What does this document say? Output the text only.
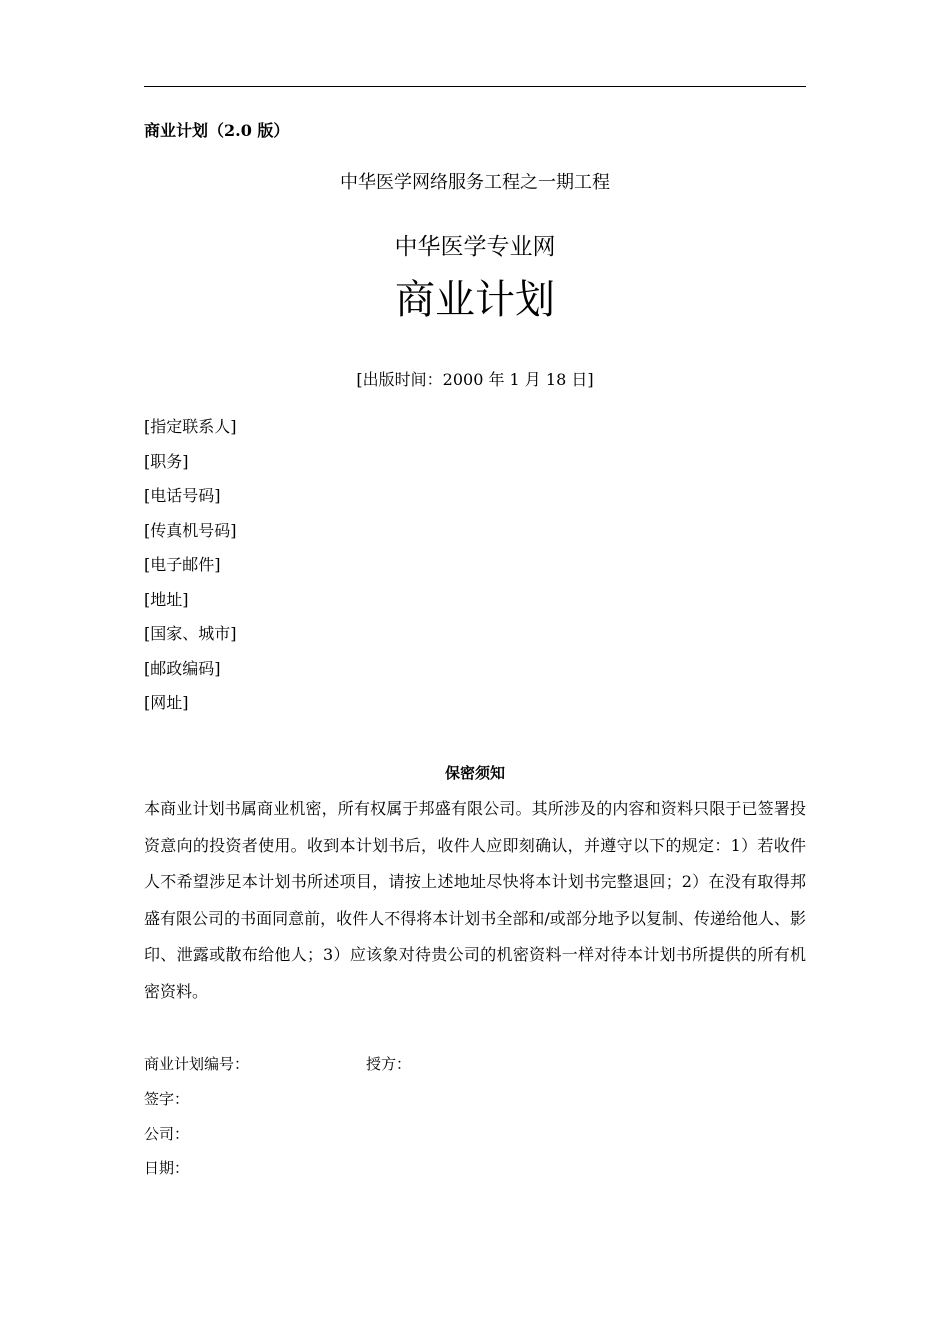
商业计划（2.0 版）
中华医学网络服务工程之一期工程
中华医学专业网
商业计划
[出版时间：2000 年 1 月 18 日]
[指定联系人]
[职务]
[电话号码]
[传真机号码]
[电子邮件]
[地址]
[国家、城市]
[邮政编码]
[网址]
保密须知

本商业计划书属商业机密，所有权属于邦盛有限公司。其所涉及的内容和资料只限于已签署投资意向的投资者使用。收到本计划书后，收件人应即刻确认，并遵守以下的规定：1）若收件人不希望涉足本计划书所述项目，请按上述地址尽快将本计划书完整退回；2）在没有取得邦盛有限公司的书面同意前，收件人不得将本计划书全部和/或部分地予以复制、传递给他人、影印、泄露或散布给他人；3）应该象对待贵公司的机密资料一样对待本计划书所提供的所有机密资料。

商业计划编号：	授方：
签字：
公司：
日期：
